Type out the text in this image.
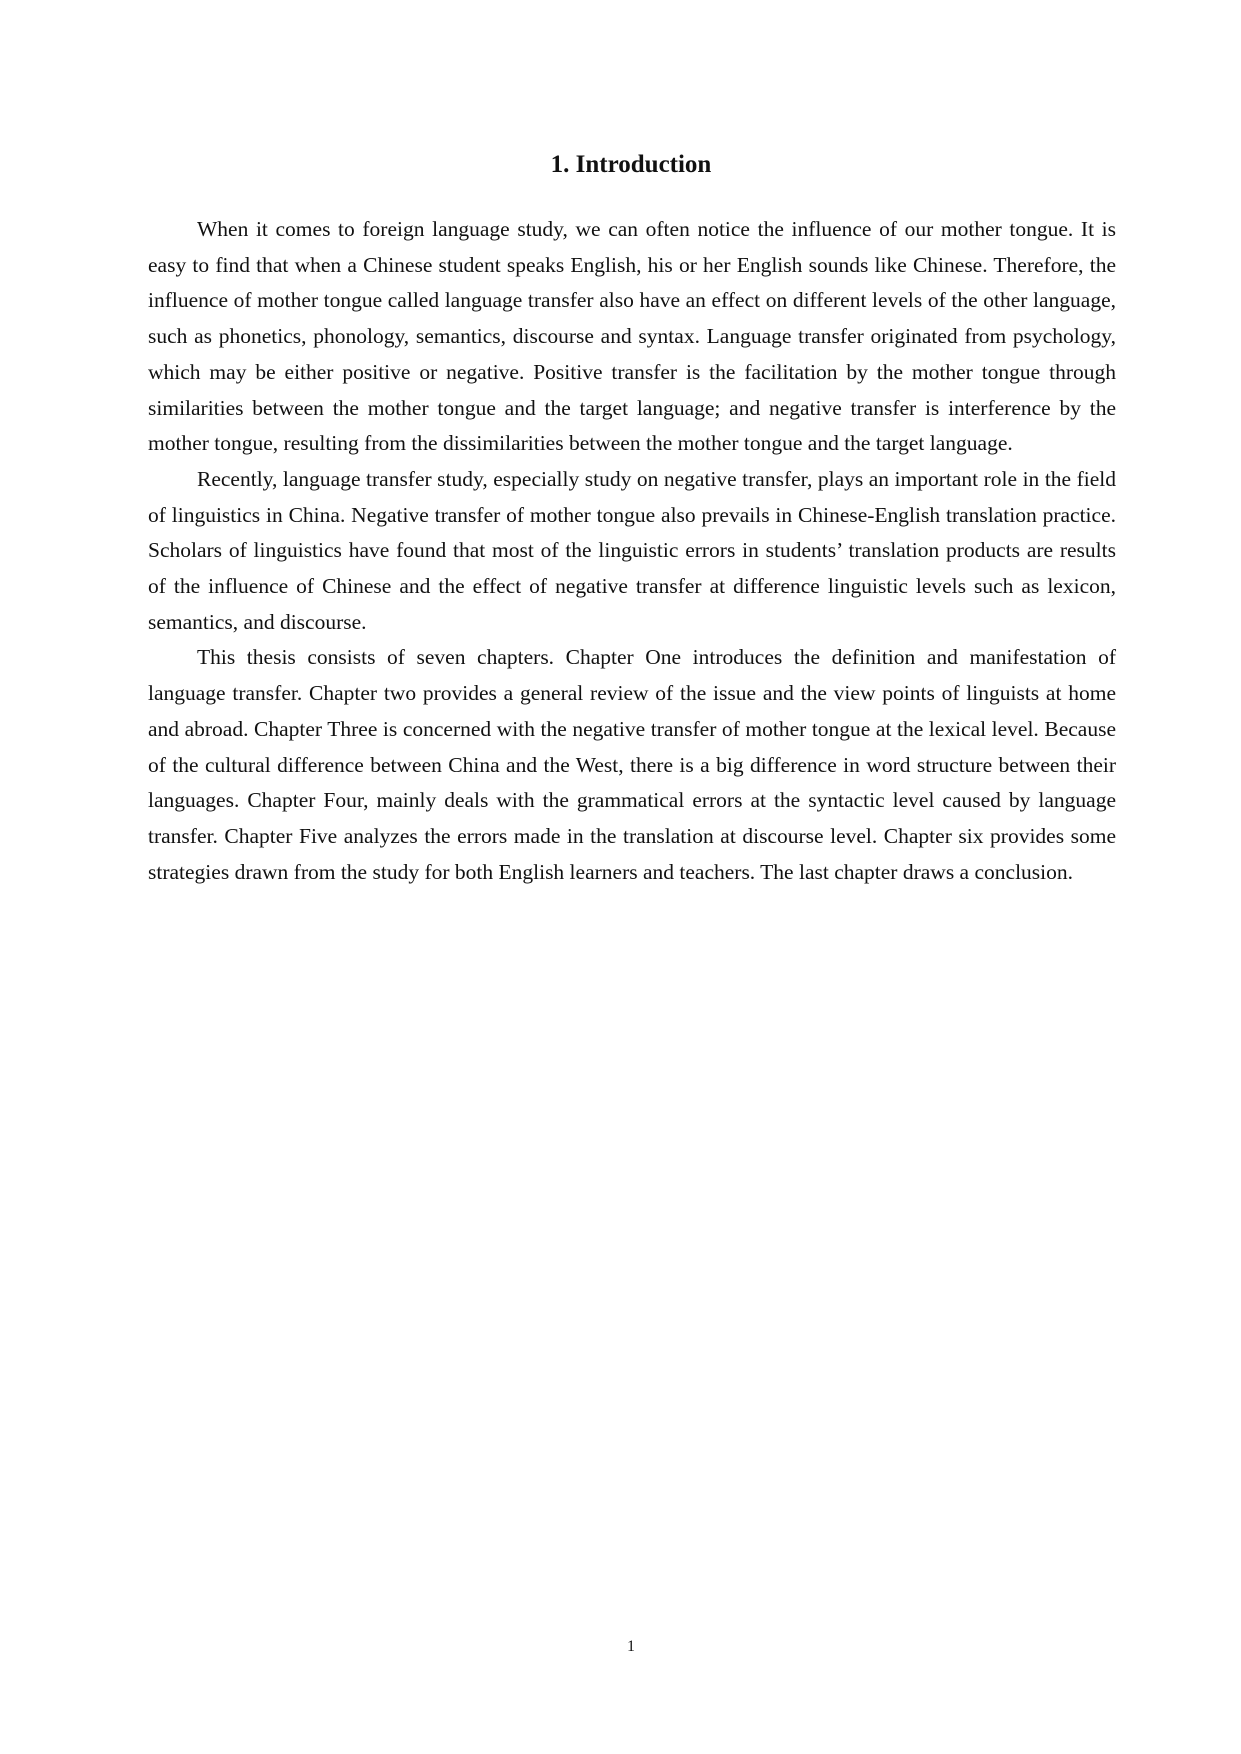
1. Introduction

When it comes to foreign language study, we can often notice the influence of our mother tongue. It is easy to find that when a Chinese student speaks English, his or her English sounds like Chinese. Therefore, the influence of mother tongue called language transfer also have an effect on different levels of the other language, such as phonetics, phonology, semantics, discourse and syntax. Language transfer originated from psychology, which may be either positive or negative. Positive transfer is the facilitation by the mother tongue through similarities between the mother tongue and the target language; and negative transfer is interference by the mother tongue, resulting from the dissimilarities between the mother tongue and the target language.

Recently, language transfer study, especially study on negative transfer, plays an important role in the field of linguistics in China. Negative transfer of mother tongue also prevails in Chinese-English translation practice. Scholars of linguistics have found that most of the linguistic errors in students’ translation products are results of the influence of Chinese and the effect of negative transfer at difference linguistic levels such as lexicon, semantics, and discourse.

This thesis consists of seven chapters. Chapter One introduces the definition and manifestation of language transfer. Chapter two provides a general review of the issue and the view points of linguists at home and abroad. Chapter Three is concerned with the negative transfer of mother tongue at the lexical level. Because of the cultural difference between China and the West, there is a big difference in word structure between their languages. Chapter Four, mainly deals with the grammatical errors at the syntactic level caused by language transfer. Chapter Five analyzes the errors made in the translation at discourse level. Chapter six provides some strategies drawn from the study for both English learners and teachers. The last chapter draws a conclusion.

1
